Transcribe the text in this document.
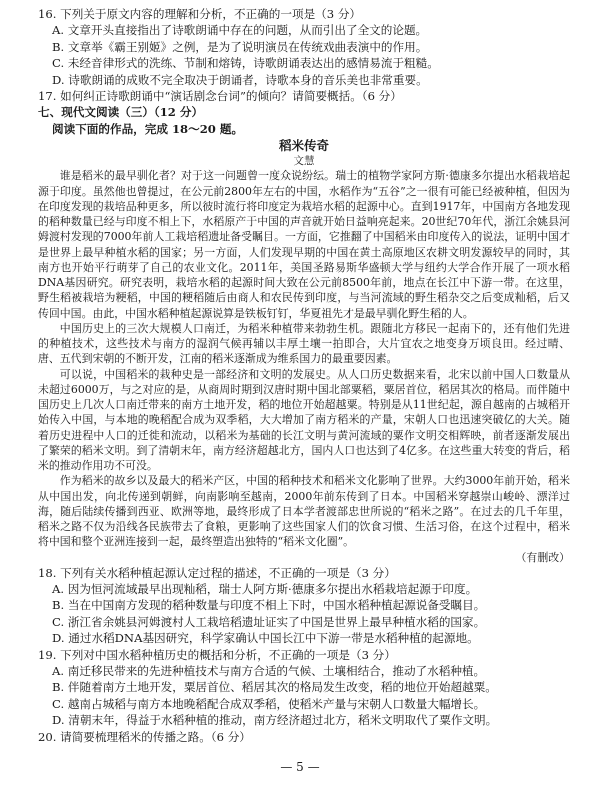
16. 下列关于原文内容的理解和分析，不正确的一项是（3 分）
A. 文章开头直接指出了诗歌朗诵中存在的问题，从而引出了全文的论题。
B. 文章举《霸王别姬》之例，是为了说明演员在传统戏曲表演中的作用。
C. 未经音律形式的洗练、节制和熔铸，诗歌朗诵表达出的感情易流于粗糙。
D. 诗歌朗诵的成败不完全取决于朗诵者，诗歌本身的音乐美也非常重要。
17. 如何纠正诗歌朗诵中“演话剧念台词”的倾向？请简要概括。（6 分）
七、现代文阅读（三）（12 分）
阅读下面的作品，完成 18～20 题。
稻米传奇
文慧
谁是稻米的最早驯化者？对于这一问题曾一度众说纷纭。瑞士的植物学家阿方斯·德康多尔提出水稻栽培起源于印度。虽然他也曾提过，在公元前2800年左右的中国，水稻作为“五谷”之一很有可能已经被种植，但因为在印度发现的栽培品种更多，所以彼时流行将印度定为栽培水稻的起源中心。直到1917年，中国南方各地发现的稻种数量已经与印度不相上下，水稻原产于中国的声音就开始日益响亮起来。20世纪70年代，浙江余姚县河姆渡村发现的7000年前人工栽培稻遗址备受瞩目。一方面，它推翻了中国稻米由印度传入的说法，证明中国才是世界上最早种植水稻的国家；另一方面，人们发现早期的中国在黄土高原地区农耕文明发源较早的同时，其南方也开始平行萌芽了自己的农业文化。2011年，美国圣路易斯华盛顿大学与纽约大学合作开展了一项水稻DNA基因研究。研究表明，栽培水稻的起源时间大致在公元前8500年前，地点在长江中下游一带。在这里，野生稻被栽培为粳稻，中国的粳稻随后由商人和农民传到印度，与当河流域的野生稻杂交之后变成籼稻，后又传回中国。由此，中国水稻种植起源说算是铁板钉钉，华夏祖先才是最早驯化野生稻的人。
中国历史上的三次大规模人口南迁，为稻米种植带来勃勃生机。跟随北方移民一起南下的，还有他们先进的种植技术，这些技术与南方的湿润气候再辅以丰厚土壤一拍即合，大片宜农之地变身万顷良田。经过晴、唐、五代到宋朝的不断开发，江南的稻米逐渐成为维系国力的最重要因素。
可以说，中国稻米的栽种史是一部经济和文明的发展史。从人口历史数据来看，北宋以前中国人口数量从未超过6000万，与之对应的是，从商周时期到汉唐时期中国北部粟稻，粟居首位，稻居其次的格局。而伴随中国历史上几次人口南迁带来的南方土地开发，稻的地位开始超越粟。特别是从11世纪起，源自越南的占城稻开始传入中国，与本地的晚稻配合成为双季稻，大大增加了南方稻米的产量，宋朝人口也迅速突破亿的大关。随着历史进程中人口的迁徙和流动，以稻米为基础的长江文明与黄河流域的粟作文明交相辉映，前者逐渐发展出了繁荣的稻米文明。到了清朝末年，南方经济超越北方，国内人口也达到了4亿多。在这些重大转变的背后，稻米的推动作用功不可没。
作为稻米的故乡以及最大的稻米产区，中国的稻种技术和稻米文化影响了世界。大约3000年前开始，稻米从中国出发，向北传递到朝鲜，向南影响至越南，2000年前东传到了日本。中国稻米穿越崇山峻岭、漂洋过海，随后陆续传播到西亚、欧洲等地，最终形成了日本学者渡部忠世所说的“稻米之路”。在过去的几千年里，稻米之路不仅为沿线各民族带去了食粮，更影响了这些国家人们的饮食习惯、生活习俗，在这个过程中，稻米将中国和整个亚洲连接到一起，最终塑造出独特的“稻米文化圈”。
（有删改）
18. 下列有关水稻种植起源认定过程的描述，不正确的一项是（3 分）
A. 因为恒河流域最早出现籼稻，瑞士人阿方斯·德康多尔提出水稻栽培起源于印度。
B. 当在中国南方发现的稻种数量与印度不相上下时，中国水稻种植起源说备受瞩目。
C. 浙江省余姚县河姆渡村人工栽培稻遗址证实了中国是世界上最早种植水稻的国家。
D. 通过水稻DNA基因研究，科学家确认中国长江中下游一带是水稻种植的起源地。
19. 下列对中国水稻种植历史的概括和分析，不正确的一项是（3 分）
A. 南迁移民带来的先进种植技术与南方合适的气候、土壤相结合，推动了水稻种植。
B. 伴随着南方土地开发，粟居首位、稻居其次的格局发生改变，稻的地位开始超越粟。
C. 越南占城稻与南方本地晚稻配合成双季稻，使稻米产量与宋朝人口数量大幅增长。
D. 清朝末年，得益于水稻种植的推动，南方经济超过北方，稻米文明取代了粟作文明。
20. 请简要梳理稻米的传播之路。（6 分）
— 5 —
